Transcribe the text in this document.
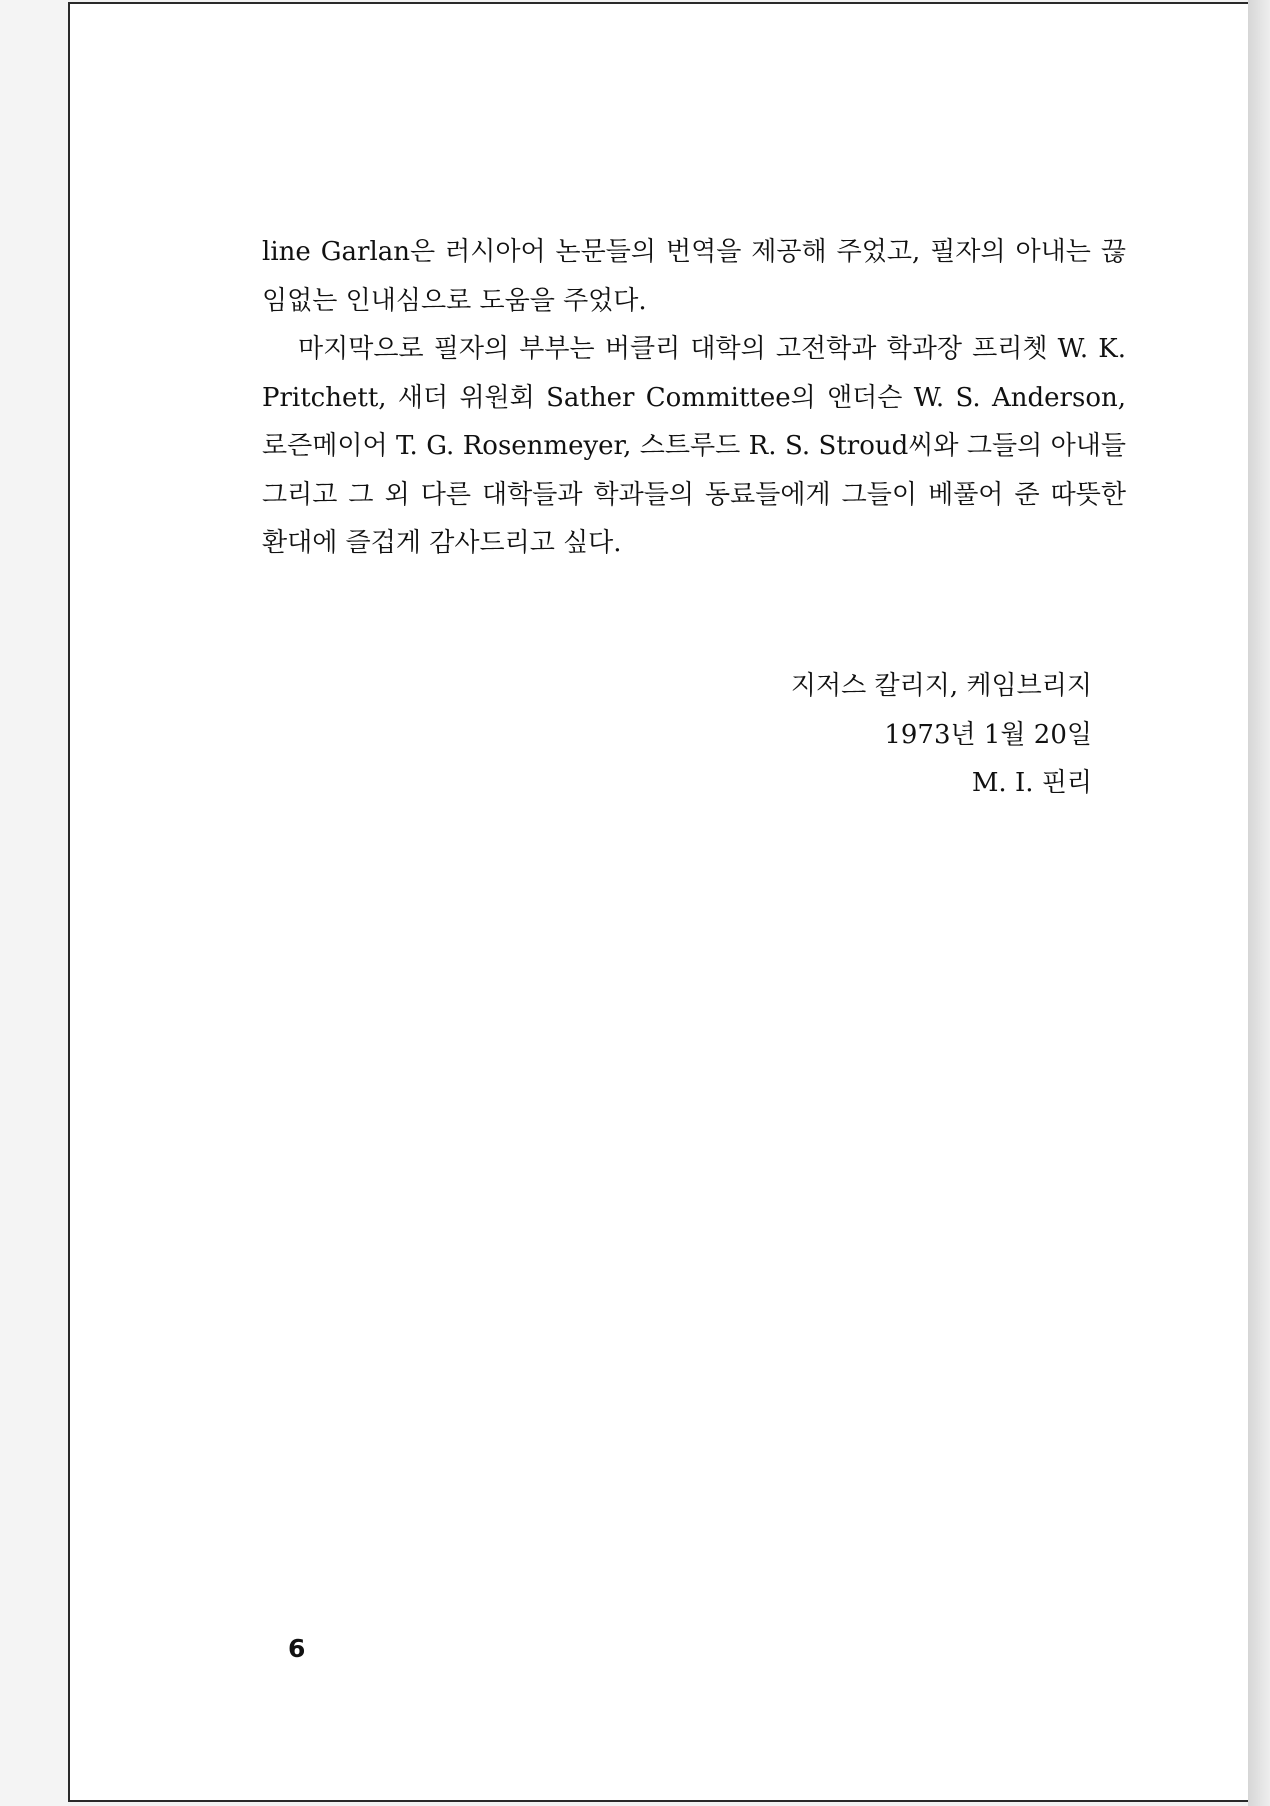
line Garlan은 러시아어 논문들의 번역을 제공해 주었고, 필자의 아내는 끊임없는 인내심으로 도움을 주었다.

마지막으로 필자의 부부는 버클리 대학의 고전학과 학과장 프리쳇 W. K. Pritchett, 새더 위원회 Sather Committee의 앤더슨 W. S. Anderson, 로즌메이어 T. G. Rosenmeyer, 스트루드 R. S. Stroud씨와 그들의 아내들 그리고 그 외 다른 대학들과 학과들의 동료들에게 그들이 베풀어 준 따뜻한 환대에 즐겁게 감사드리고 싶다.

지저스 칼리지, 케임브리지
1973년 1월 20일
M. I. 핀리
6
